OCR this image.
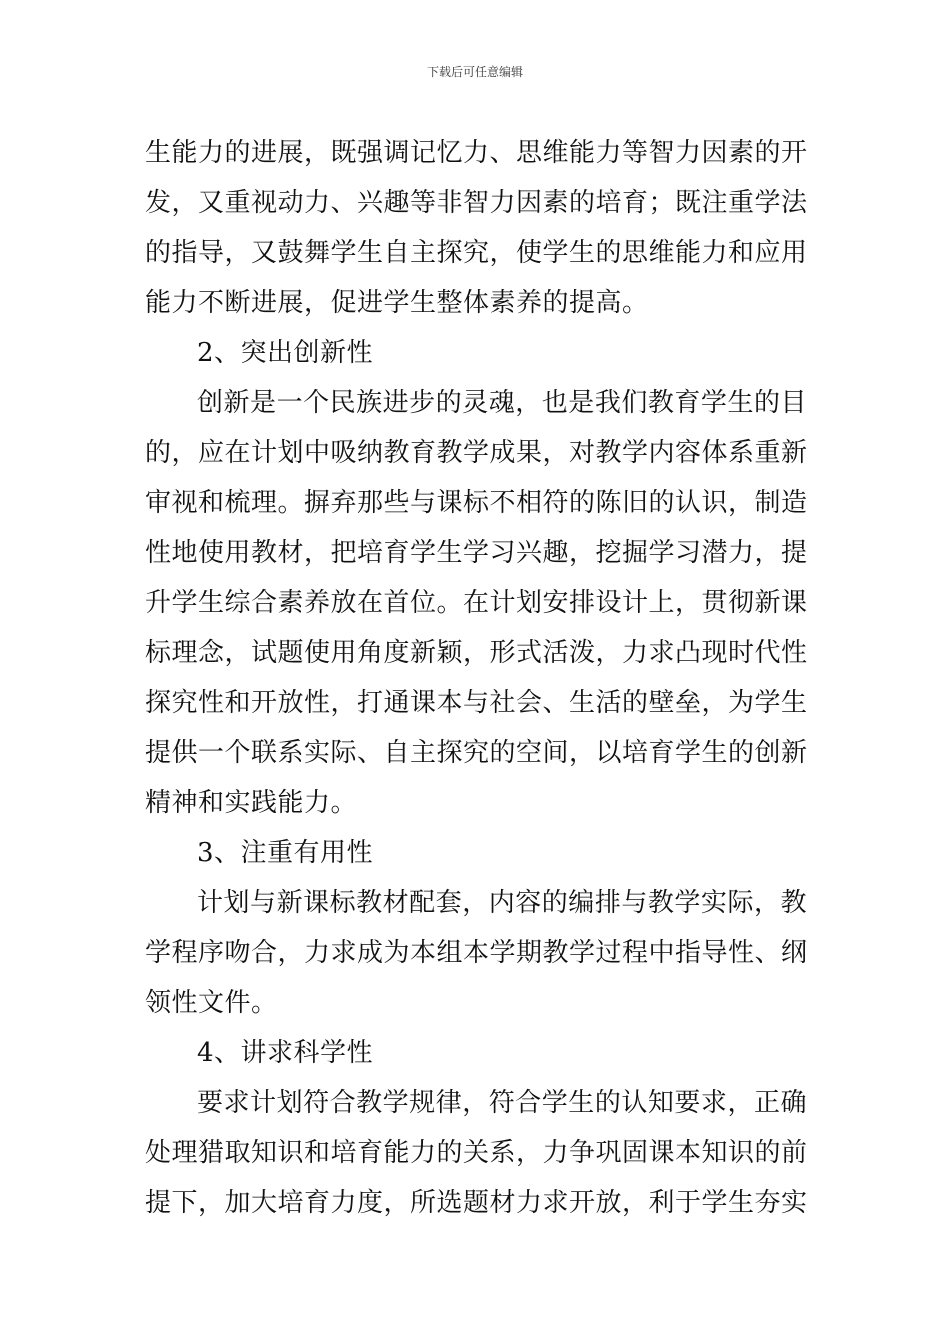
下载后可任意编辑
生能力的进展，既强调记忆力、思维能力等智力因素的开
发，又重视动力、兴趣等非智力因素的培育；既注重学法
的指导，又鼓舞学生自主探究，使学生的思维能力和应用
能力不断进展，促进学生整体素养的提高。
2、突出创新性
创新是一个民族进步的灵魂，也是我们教育学生的目
的，应在计划中吸纳教育教学成果，对教学内容体系重新
审视和梳理。摒弃那些与课标不相符的陈旧的认识，制造
性地使用教材，把培育学生学习兴趣，挖掘学习潜力，提
升学生综合素养放在首位。在计划安排设计上，贯彻新课
标理念，试题使用角度新颖，形式活泼，力求凸现时代性
探究性和开放性，打通课本与社会、生活的壁垒，为学生
提供一个联系实际、自主探究的空间，以培育学生的创新
精神和实践能力。
3、注重有用性
计划与新课标教材配套，内容的编排与教学实际，教
学程序吻合，力求成为本组本学期教学过程中指导性、纲
领性文件。
4、讲求科学性
要求计划符合教学规律，符合学生的认知要求，正确
处理猎取知识和培育能力的关系，力争巩固课本知识的前
提下，加大培育力度，所选题材力求开放，利于学生夯实
